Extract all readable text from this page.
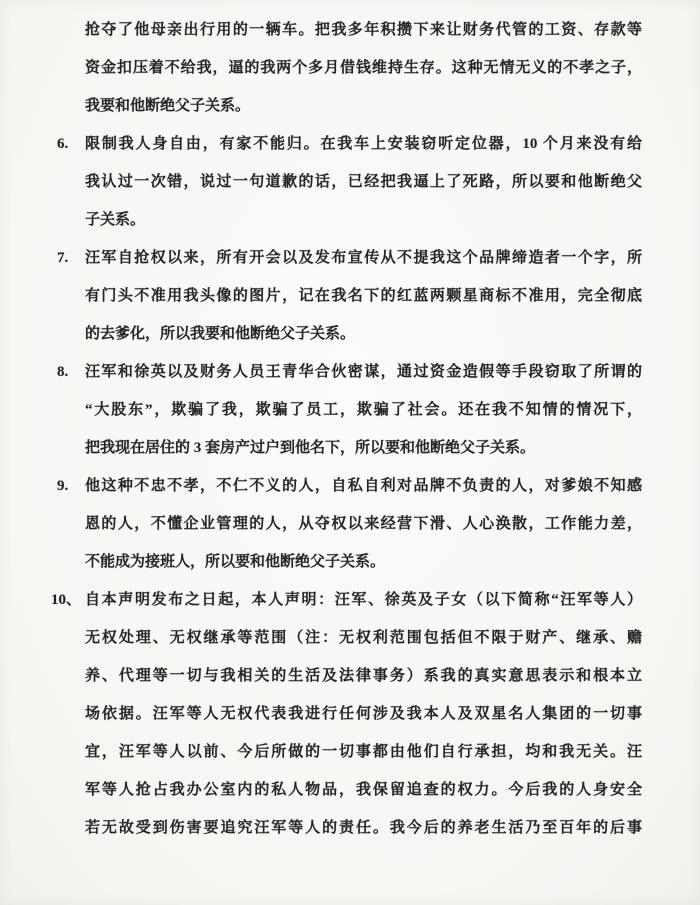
抢夺了他母亲出行用的一辆车。把我多年积攒下来让财务代管的工资、存款等
资金扣压着不给我，逼的我两个多月借钱维持生存。这种无情无义的不孝之子，
我要和他断绝父子关系。
6. 限制我人身自由，有家不能归。在我车上安装窃听定位器，10 个月来没有给
我认过一次错，说过一句道歉的话，已经把我逼上了死路，所以要和他断绝父
子关系。
7. 汪军自抢权以来，所有开会以及发布宣传从不提我这个品牌缔造者一个字，所
有门头不准用我头像的图片，记在我名下的红蓝两颗星商标不准用，完全彻底
的去爹化，所以我要和他断绝父子关系。
8. 汪军和徐英以及财务人员王青华合伙密谋，通过资金造假等手段窃取了所谓的
“大股东”，欺骗了我，欺骗了员工，欺骗了社会。还在我不知情的情况下，
把我现在居住的 3 套房产过户到他名下，所以要和他断绝父子关系。
9. 他这种不忠不孝，不仁不义的人，自私自利对品牌不负责的人，对爹娘不知感
恩的人，不懂企业管理的人，从夺权以来经营下滑、人心涣散，工作能力差，
不能成为接班人，所以要和他断绝父子关系。
10、 自本声明发布之日起，本人声明：汪军、徐英及子女（以下简称“汪军等人）
无权处理、无权继承等范围（注：无权利范围包括但不限于财产、继承、赡
养、代理等一切与我相关的生活及法律事务）系我的真实意思表示和根本立
场依据。汪军等人无权代表我进行任何涉及我本人及双星名人集团的一切事
宜，汪军等人以前、今后所做的一切事都由他们自行承担，均和我无关。汪
军等人抢占我办公室内的私人物品，我保留追查的权力。今后我的人身安全
若无故受到伤害要追究汪军等人的责任。我今后的养老生活乃至百年的后事
